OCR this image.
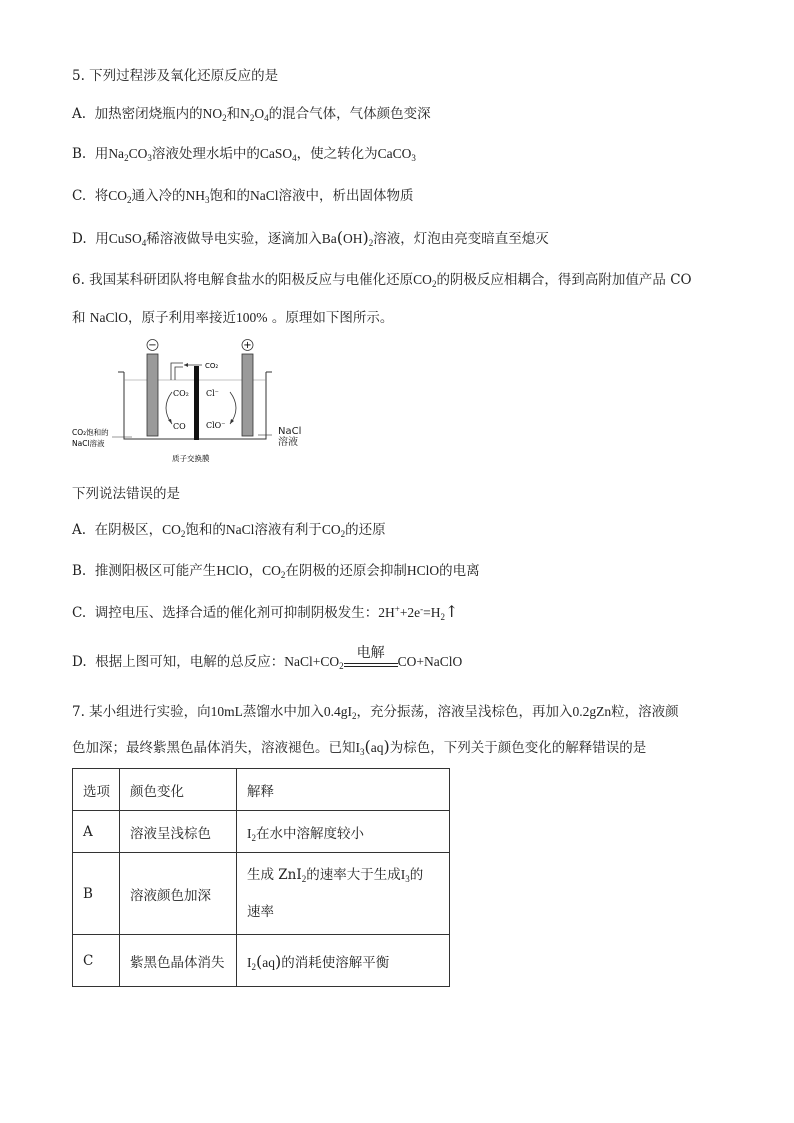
5. 下列过程涉及氧化还原反应的是
A. 加热密闭烧瓶内的$NO_2$和$N_2O_4$的混合气体，气体颜色变深
B. 用$Na_2CO_3$溶液处理水垢中的CaSO$_4$，使之转化为CaCO$_3$
C. 将$CO_2$通入冷的$NH_3$饱和的NaCl溶液中，析出固体物质
D. 用CuSO$_4$稀溶液做导电实验，逐滴加入$Ba(OH)_2$溶液，灯泡由亮变暗直至熄灭
6. 我国某科研团队将电解食盐水的阳极反应与电催化还原$CO_2$的阴极反应相耦合，得到高附加值产品 CO
和 NaClO，原子利用率接近100% 。原理如下图所示。
−	+
CO₂
CO₂
CO
Cl⁻
ClO⁻
CO₂饱和的
NaCl溶液
质子交换膜
NaCl
溶液
下列说法错误的是
A. 在阴极区，$CO_2$饱和的NaCl溶液有利于$CO_2$的还原
B. 推测阳极区可能产生HClO，$CO_2$在阴极的还原会抑制HClO的电离
C. 调控电压、选择合适的催化剂可抑制阴极发生：$2H^++2e^-=H_2↑$
D. 根据上图可知，电解的总反应：$NaCl+CO_2$
电解
CO+NaClO
7. 某小组进行实验，向10mL蒸馏水中加入$0.4gI_2$，充分振荡，溶液呈浅棕色，再加入0.2gZn粒，溶液颜
色加深；最终紫黑色晶体消失，溶液褪色。已知$I_3(aq)$为棕色，下列关于颜色变化的解释错误的是
选项	颜色变化	解释
A	溶液呈浅棕色	$I_2$在水中溶解度较小
B	溶液颜色加深	生成 ZnI$_2$的速率大于生成$I_3$的
速率

C	紫黑色晶体消失	$I_2(aq)$的消耗使溶解平衡
